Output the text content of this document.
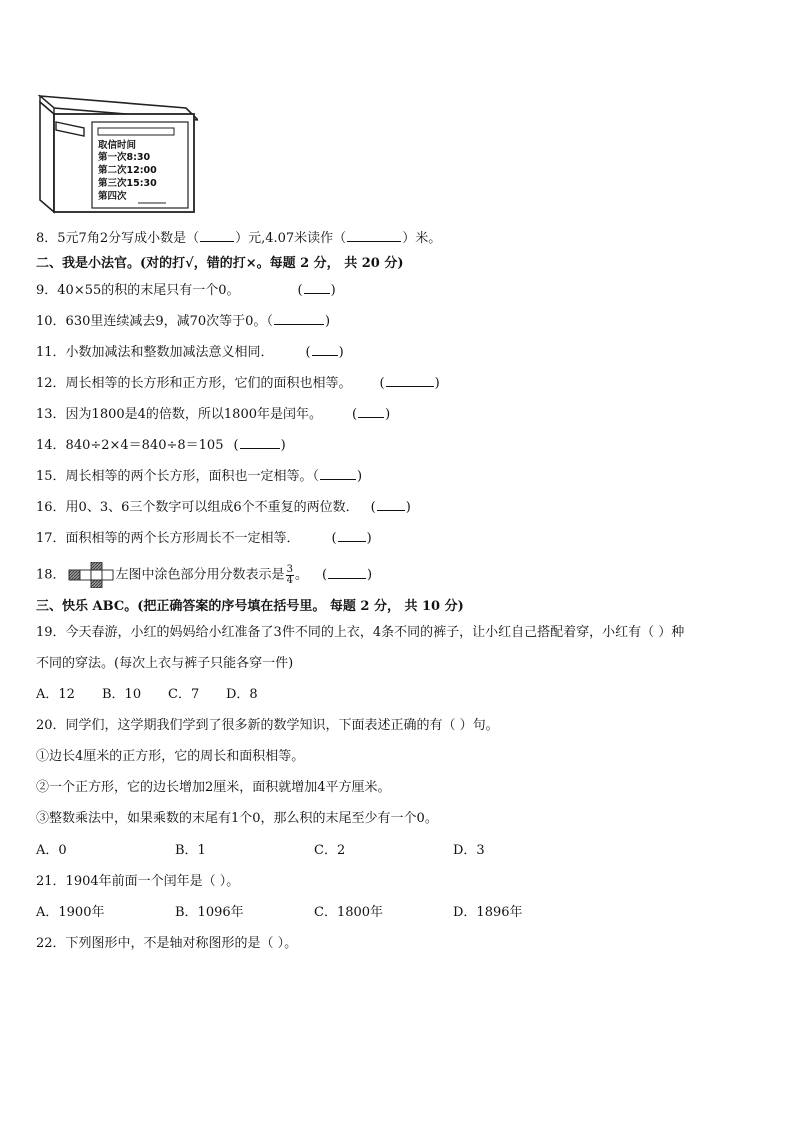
取信时间
第一次8:30
第二次12:00
第三次15:30
第四次
8．5元7角2分写成小数是（	）元,4.07米读作（	）米。
二、我是小法官。(对的打√，错的打×。每题 2 分， 共 20 分)
9．40×55的积的末尾只有一个0。	( )
10．630里连续减去9，减70次等于0。（	)
11．小数加减法和整数加减法意义相同． ( )
12．周长相等的长方形和正方形，它们的面积也相等。 (	)
13．因为1800是4的倍数，所以1800年是闰年。 ( )
14．840÷2×4＝840÷8＝105 (	)
15．周长相等的两个长方形，面积也一定相等。（	)
16．用0、3、6三个数字可以组成6个不重复的两位数． ( )
17．面积相等的两个长方形周长不一定相等． ( )
18．	左图中涂色部分用分数表示是 $\frac{3}{4}$ 。 (	)
三、快乐 ABC。(把正确答案的序号填在括号里。 每题 2 分， 共 10 分)
19．今天春游，小红的妈妈给小红准备了3件不同的上衣，4条不同的裤子，让小红自己搭配着穿，小红有（ ）种
不同的穿法。(每次上衣与裤子只能各穿一件)
A．12 B．10 C．7 D．8
20．同学们，这学期我们学到了很多新的数学知识，下面表述正确的有（ ）句。
①边长4厘米的正方形，它的周长和面积相等。
②一个正方形，它的边长增加2厘米，面积就增加4平方厘米。
③整数乘法中，如果乘数的末尾有1个0，那么积的末尾至少有一个0。
A．0	B．1	C．2	D．3
21．1904年前面一个闰年是（ ）。
A．1900年	B．1096年	C．1800年	D．1896年
22．下列图形中，不是轴对称图形的是（ ）。
